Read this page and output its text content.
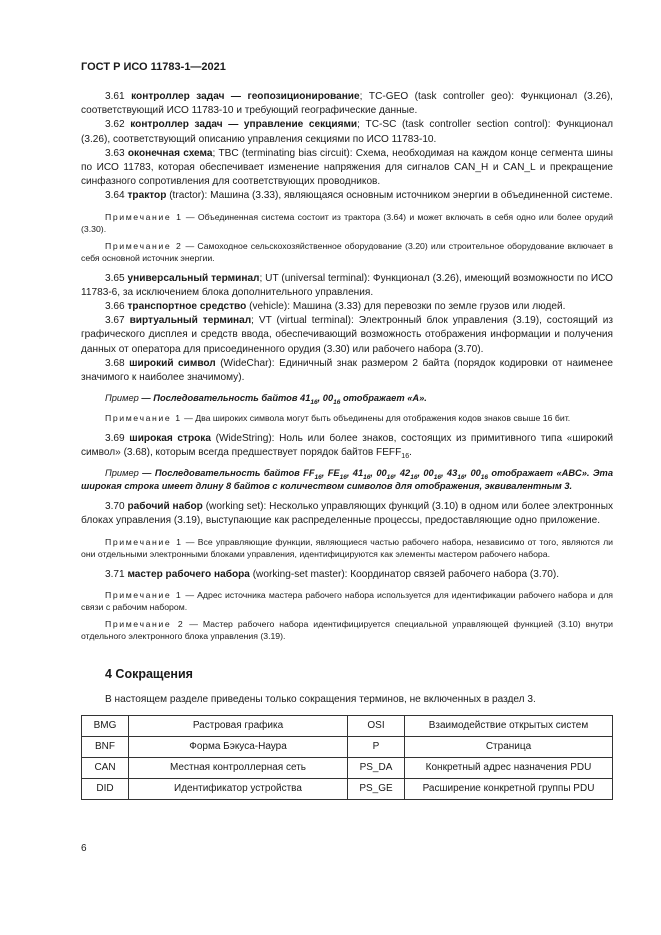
ГОСТ Р ИСО 11783-1—2021

3.61 контроллер задач — геопозиционирование; TC-GEO (task controller geo): Функционал (3.26), соответствующий ИСО 11783-10 и требующий географические данные.

3.62 контроллер задач — управление секциями; TC-SC (task controller section control): Функционал (3.26), соответствующий описанию управления секциями по ИСО 11783-10.

3.63 оконечная схема; TBC (terminating bias circuit): Схема, необходимая на каждом конце сегмента шины по ИСО 11783, которая обеспечивает изменение напряжения для сигналов CAN_H и CAN_L и прекращение синфазного сопротивления для соответствующих проводников.

3.64 трактор (tractor): Машина (3.33), являющаяся основным источником энергии в объединенной системе.

Примечание 1 — Объединенная система состоит из трактора (3.64) и может включать в себя одно или более орудий (3.30).

Примечание 2 — Самоходное сельскохозяйственное оборудование (3.20) или строительное оборудование включает в себя основной источник энергии.

3.65 универсальный терминал; UT (universal terminal): Функционал (3.26), имеющий возможности по ИСО 11783-6, за исключением блока дополнительного управления.

3.66 транспортное средство (vehicle): Машина (3.33) для перевозки по земле грузов или людей.

3.67 виртуальный терминал; VT (virtual terminal): Электронный блок управления (3.19), состоящий из графического дисплея и средств ввода, обеспечивающий возможность отображения информации и получения данных от оператора для присоединенного орудия (3.30) или рабочего набора (3.70).

3.68 широкий символ (WideChar): Единичный знак размером 2 байта (порядок кодировки от наименее значимого к наиболее значимому).

Пример — Последовательность байтов $41_{16}$, $00_{16}$ отображает «А».

Примечание 1 — Два широких символа могут быть объединены для отображения кодов знаков свыше 16 бит.

3.69 широкая строка (WideString): Ноль или более знаков, состоящих из примитивного типа «широкий символ» (3.68), которым всегда предшествует порядок байтов $FEFF_{16}$.

Пример — Последовательность байтов $FF_{16}$, $FE_{16}$, $41_{16}$, $00_{16}$, $42_{16}$, $00_{16}$, $43_{16}$, $00_{16}$ отображает «ABC». Эта широкая строка имеет длину 8 байтов с количеством символов для отображения, эквивалентным 3.

3.70 рабочий набор (working set): Несколько управляющих функций (3.10) в одном или более электронных блоках управления (3.19), выступающие как распределенные процессы, предоставляющие одно приложение.

Примечание 1 — Все управляющие функции, являющиеся частью рабочего набора, независимо от того, являются ли они отдельными электронными блоками управления, идентифицируются как элементы мастером рабочего набора.

3.71 мастер рабочего набора (working-set master): Координатор связей рабочего набора (3.70).

Примечание 1 — Адрес источника мастера рабочего набора используется для идентификации рабочего набора и для связи с рабочим набором.

Примечание 2 — Мастер рабочего набора идентифицируется специальной управляющей функцией (3.10) внутри отдельного электронного блока управления (3.19).

4 Сокращения

В настоящем разделе приведены только сокращения терминов, не включенных в раздел 3.

BMG	Растровая графика	OSI	Взаимодействие открытых систем
BNF	Форма Бэкуса-Наура	P	Страница
CAN	Местная контроллерная сеть	PS_DA	Конкретный адрес назначения PDU
DID	Идентификатор устройства	PS_GE	Расширение конкретной группы PDU
6
